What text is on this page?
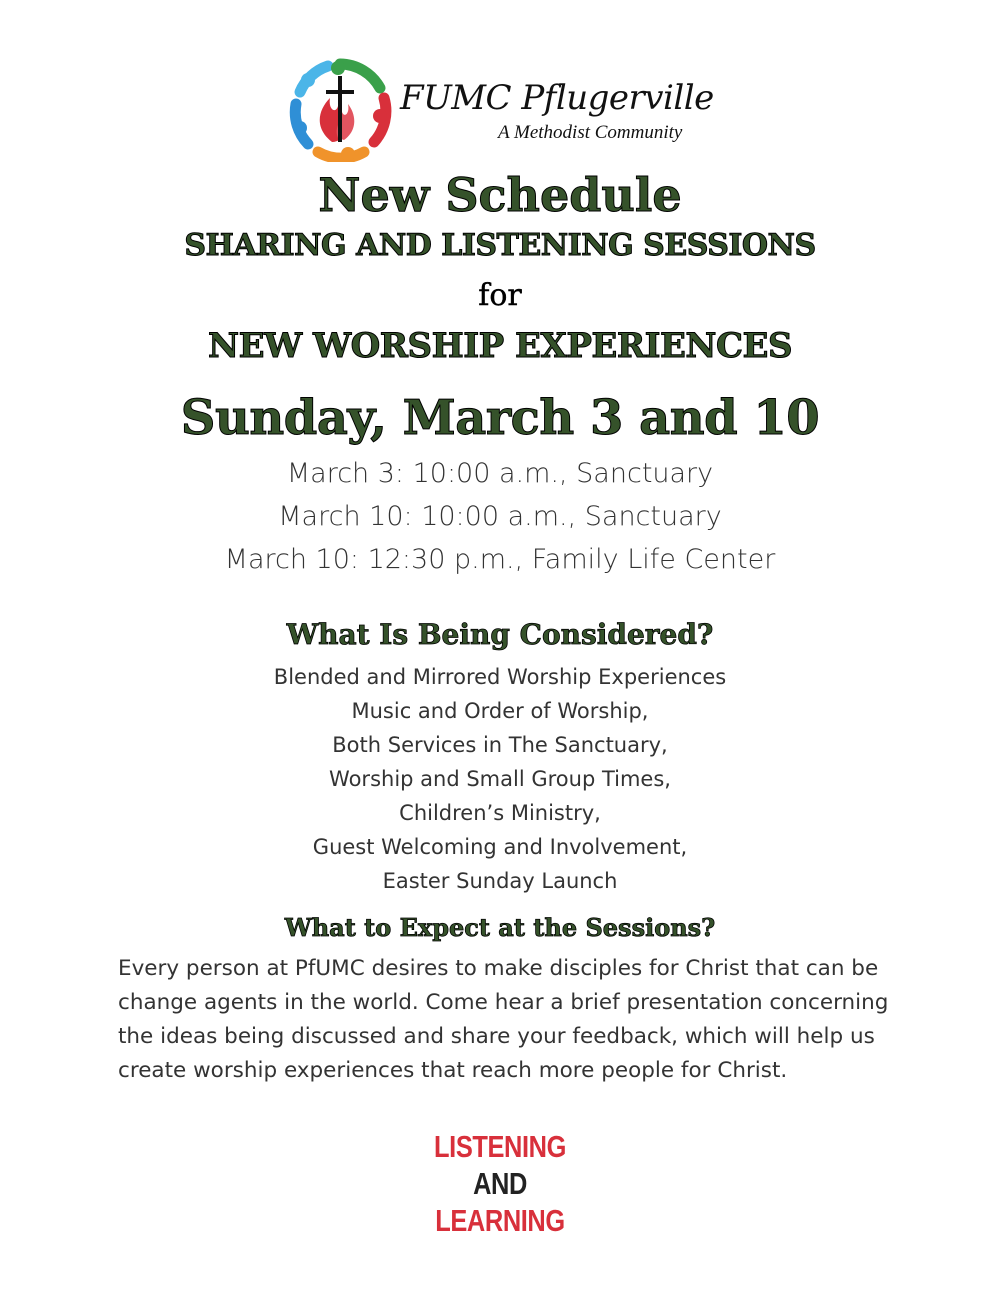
FUMC Pflugerville
A Methodist Community
New Schedule
SHARING AND LISTENING SESSIONS
for
NEW WORSHIP EXPERIENCES
Sunday, March 3 and 10
March 3: 10:00 a.m., Sanctuary
March 10: 10:00 a.m., Sanctuary
March 10: 12:30 p.m., Family Life Center
What Is Being Considered?
Blended and Mirrored Worship Experiences
Music and Order of Worship,
Both Services in The Sanctuary,
Worship and Small Group Times,
Children’s Ministry,
Guest Welcoming and Involvement,
Easter Sunday Launch
What to Expect at the Sessions?
Every person at PfUMC desires to make disciples for Christ that can be change agents in the world. Come hear a brief presentation concerning the ideas being discussed and share your feedback, which will help us create worship experiences that reach more people for Christ.
LISTENING
AND
LEARNING
